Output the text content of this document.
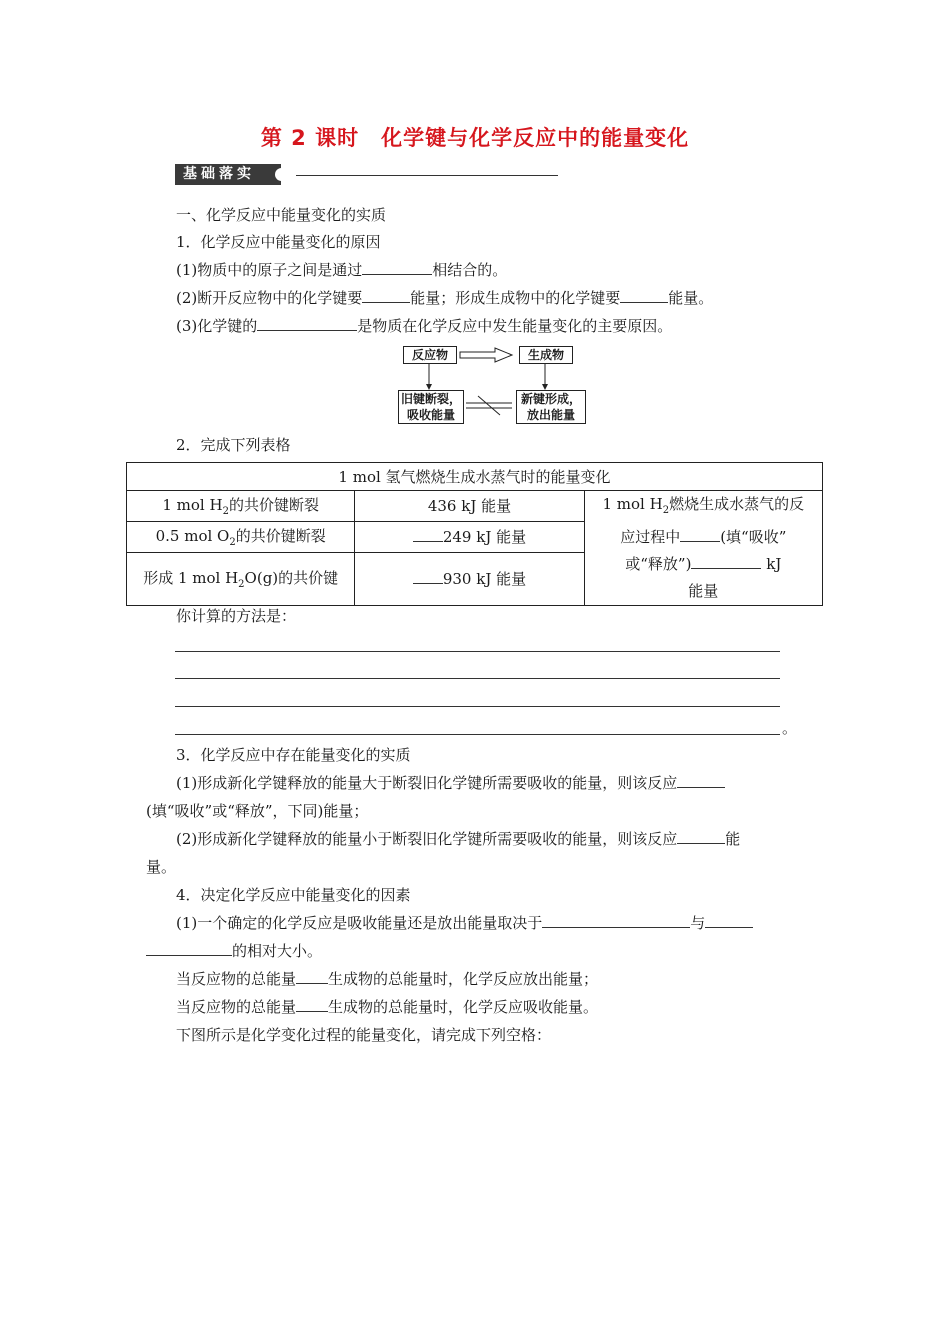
第 2 课时　化学键与化学反应中的能量变化
基础落实
一、化学反应中能量变化的实质
1．化学反应中能量变化的原因
(1)物质中的原子之间是通过	相结合的。
(2)断开反应物中的化学键要	能量；形成生成物中的化学键要	能量。
(3)化学键的	是物质在化学反应中发生能量变化的主要原因。
反应物	生成物
旧键断裂，
吸收能量
新键形成，
放出能量
2．完成下列表格
1 mol 氢气燃烧生成水蒸气时的能量变化		
1 mol $H_2$的共价键断裂	436 kJ 能量	1 mol $H_2$燃烧生成水蒸气的反
应过程中 (填“吸收”
或“释放”) kJ
能量

0.5 mol $O_2$的共价键断裂	249 kJ 能量	
形成 1 mol $H_2O(g)$的共价键	930 kJ 能量	
你计算的方法是：
。
3．化学反应中存在能量变化的实质
(1)形成新化学键释放的能量大于断裂旧化学键所需要吸收的能量，则该反应
(填“吸收”或“释放”，下同)能量；
(2)形成新化学键释放的能量小于断裂旧化学键所需要吸收的能量，则该反应	能
量。
4．决定化学反应中能量变化的因素
(1)一个确定的化学反应是吸收能量还是放出能量取决于	与
的相对大小。
当反应物的总能量 生成物的总能量时，化学反应放出能量；
当反应物的总能量 生成物的总能量时，化学反应吸收能量。
下图所示是化学变化过程的能量变化，请完成下列空格：
